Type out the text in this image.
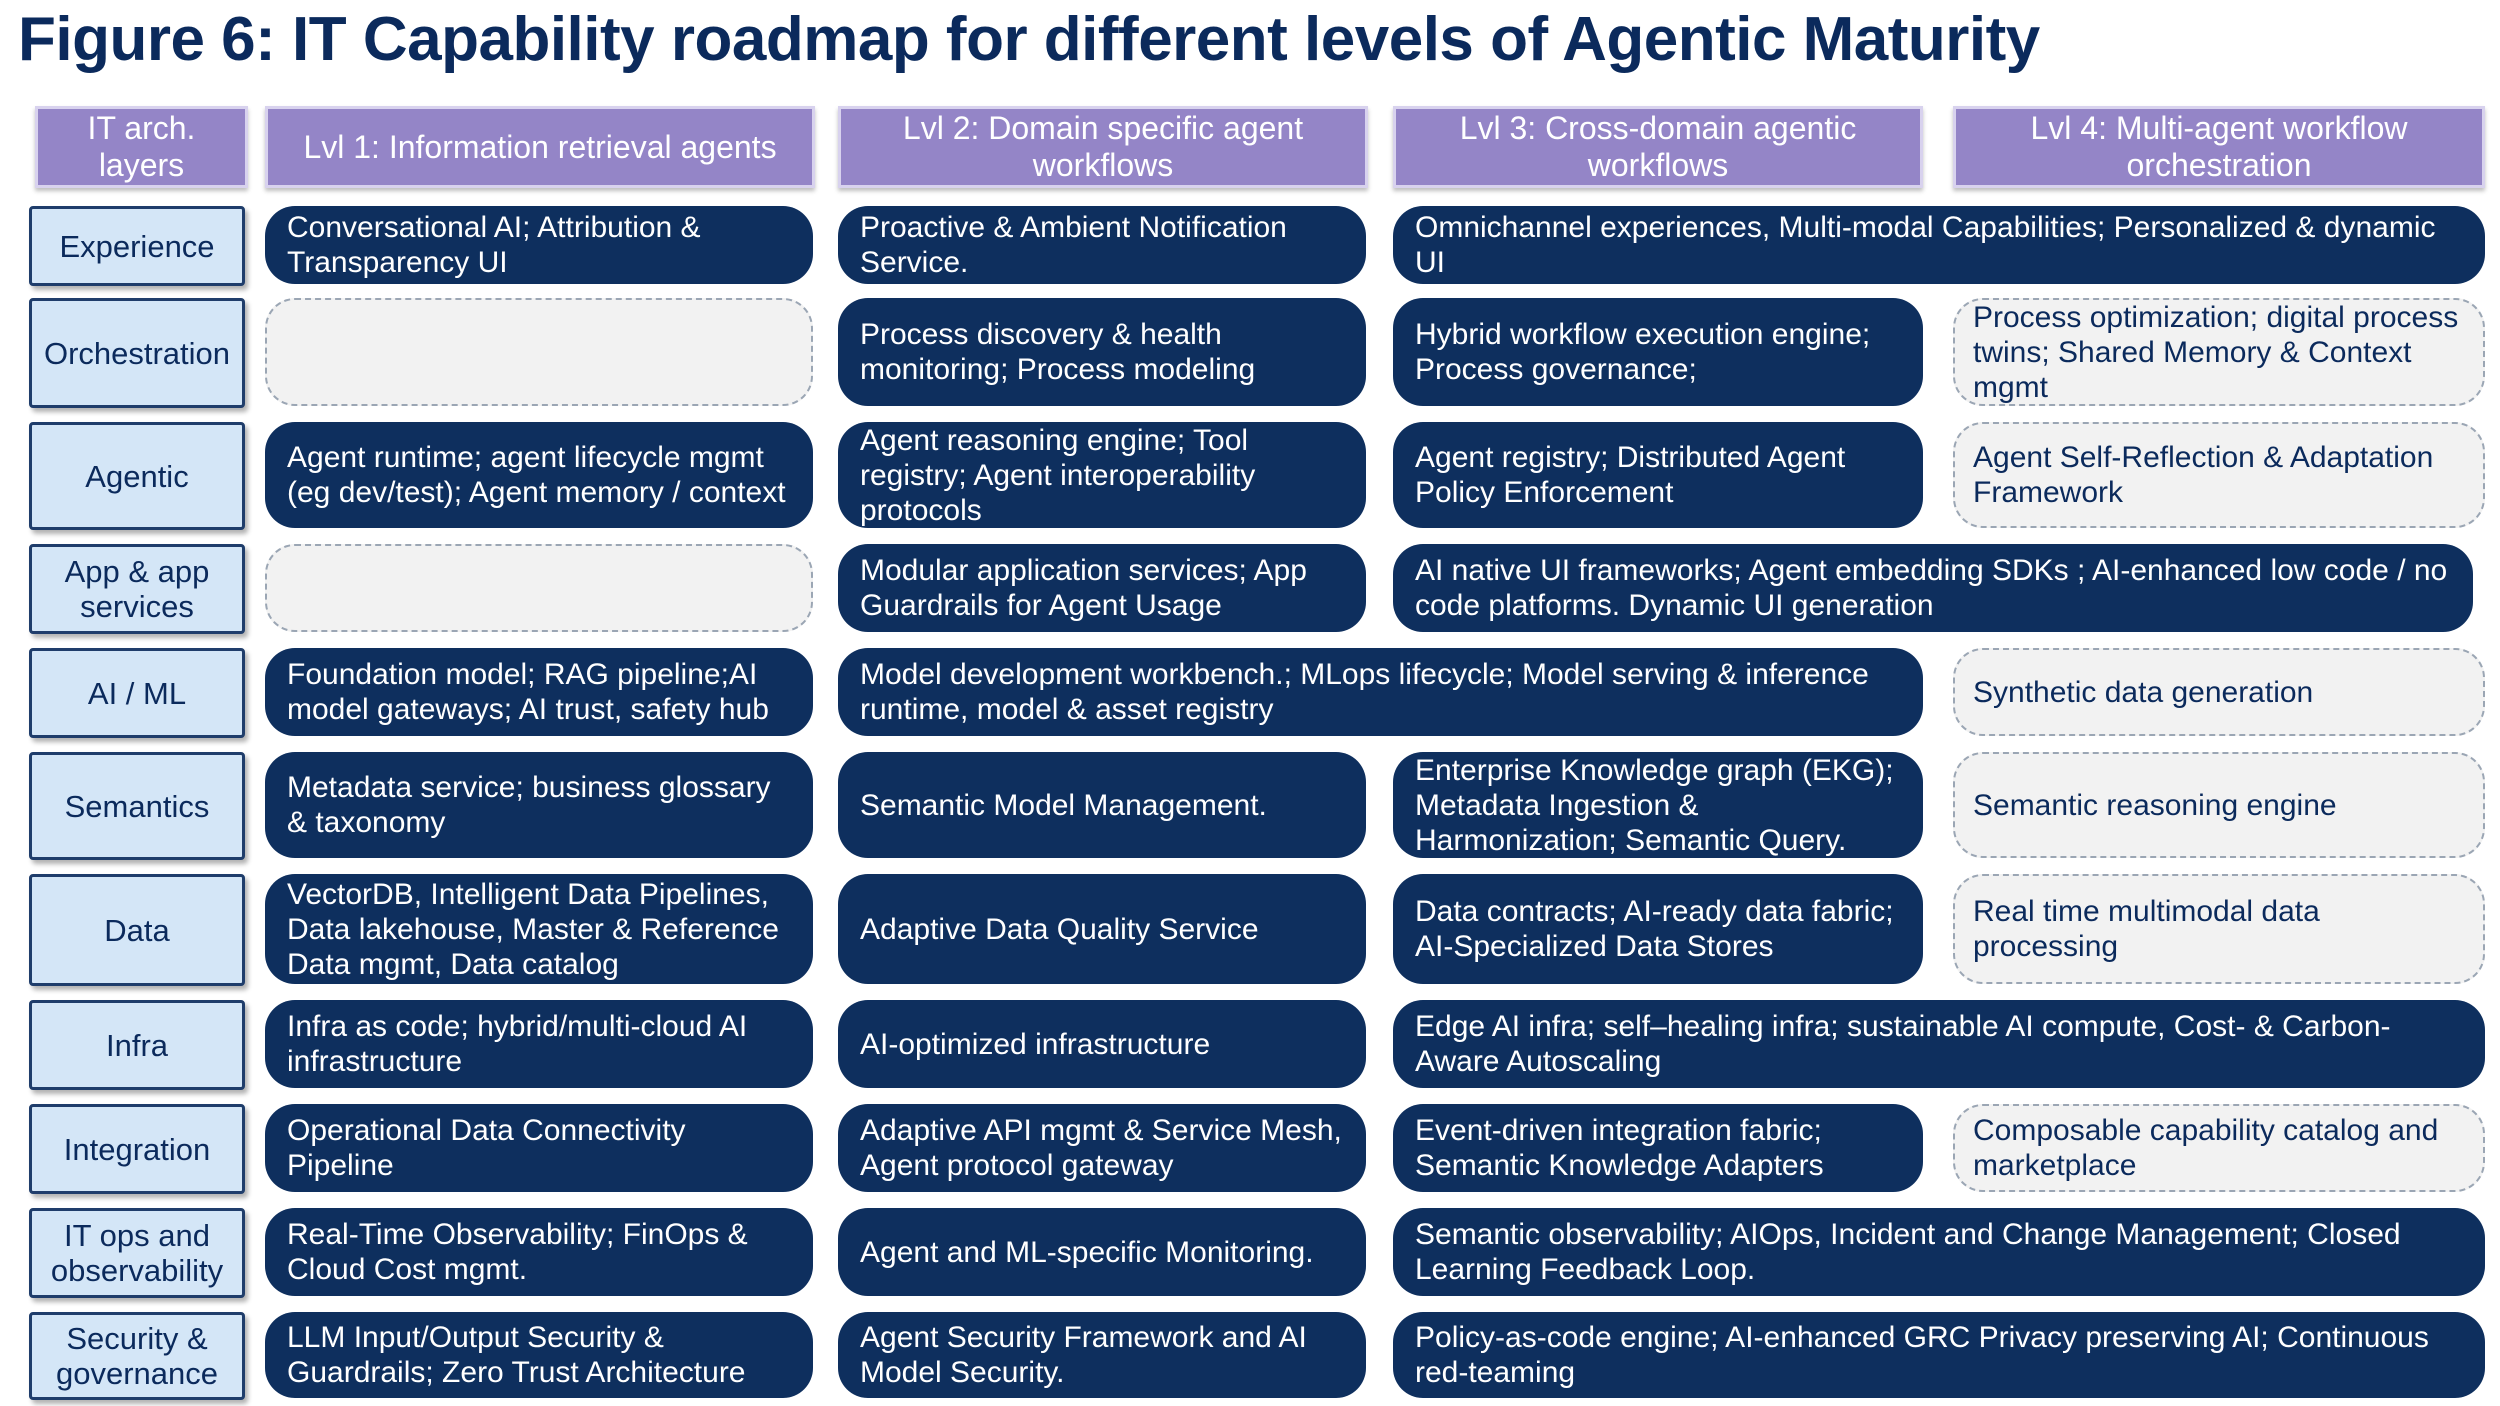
Figure 6: IT Capability roadmap for different levels of Agentic Maturity
IT arch. layers
Lvl 1: Information retrieval agents
Lvl 2: Domain specific agent workflows
Lvl 3: Cross-domain agentic workflows
Lvl 4: Multi-agent workflow orchestration
Experience
Conversational AI; Attribution & Transparency UI
Proactive & Ambient Notification Service.
Omnichannel experiences, Multi-modal Capabilities; Personalized & dynamic UI
Orchestration
Process discovery & health monitoring; Process modeling
Hybrid workflow execution engine; Process governance;
Process optimization; digital process twins; Shared Memory & Context mgmt
Agentic
Agent runtime; agent lifecycle mgmt (eg dev/test); Agent memory / context
Agent reasoning engine; Tool registry; Agent interoperability protocols
Agent registry; Distributed Agent Policy Enforcement
Agent Self-Reflection & Adaptation Framework
App & app services
Modular application services; App Guardrails for Agent Usage
AI native UI frameworks; Agent embedding SDKs ; AI-enhanced low code / no code platforms. Dynamic UI generation
AI / ML
Foundation model; RAG pipeline;AI model gateways; AI trust, safety hub
Model development workbench.; MLops lifecycle; Model serving & inference runtime, model & asset registry
Synthetic data generation
Semantics
Metadata service; business glossary & taxonomy
Semantic Model Management.
Enterprise Knowledge graph (EKG); Metadata Ingestion & Harmonization; Semantic Query.
Semantic reasoning engine
Data
VectorDB, Intelligent Data Pipelines, Data lakehouse, Master & Reference Data mgmt, Data catalog
Adaptive Data Quality Service
Data contracts; AI-ready data fabric; AI-Specialized Data Stores
Real time multimodal data processing
Infra
Infra as code; hybrid/multi-cloud AI infrastructure
AI-optimized infrastructure
Edge AI infra; self–healing infra; sustainable AI compute, Cost- & Carbon-Aware Autoscaling
Integration
Operational Data Connectivity Pipeline
Adaptive API mgmt & Service Mesh, Agent protocol gateway
Event-driven integration fabric; Semantic Knowledge Adapters
Composable capability catalog and marketplace
IT ops and observability
Real-Time Observability; FinOps & Cloud Cost mgmt.
Agent and ML-specific Monitoring.
Semantic observability; AIOps, Incident and Change Management; Closed Learning Feedback Loop.
Security & governance
LLM Input/Output Security & Guardrails; Zero Trust Architecture
Agent Security Framework and AI Model Security.
Policy-as-code engine; AI-enhanced GRC Privacy preserving AI; Continuous red-teaming
